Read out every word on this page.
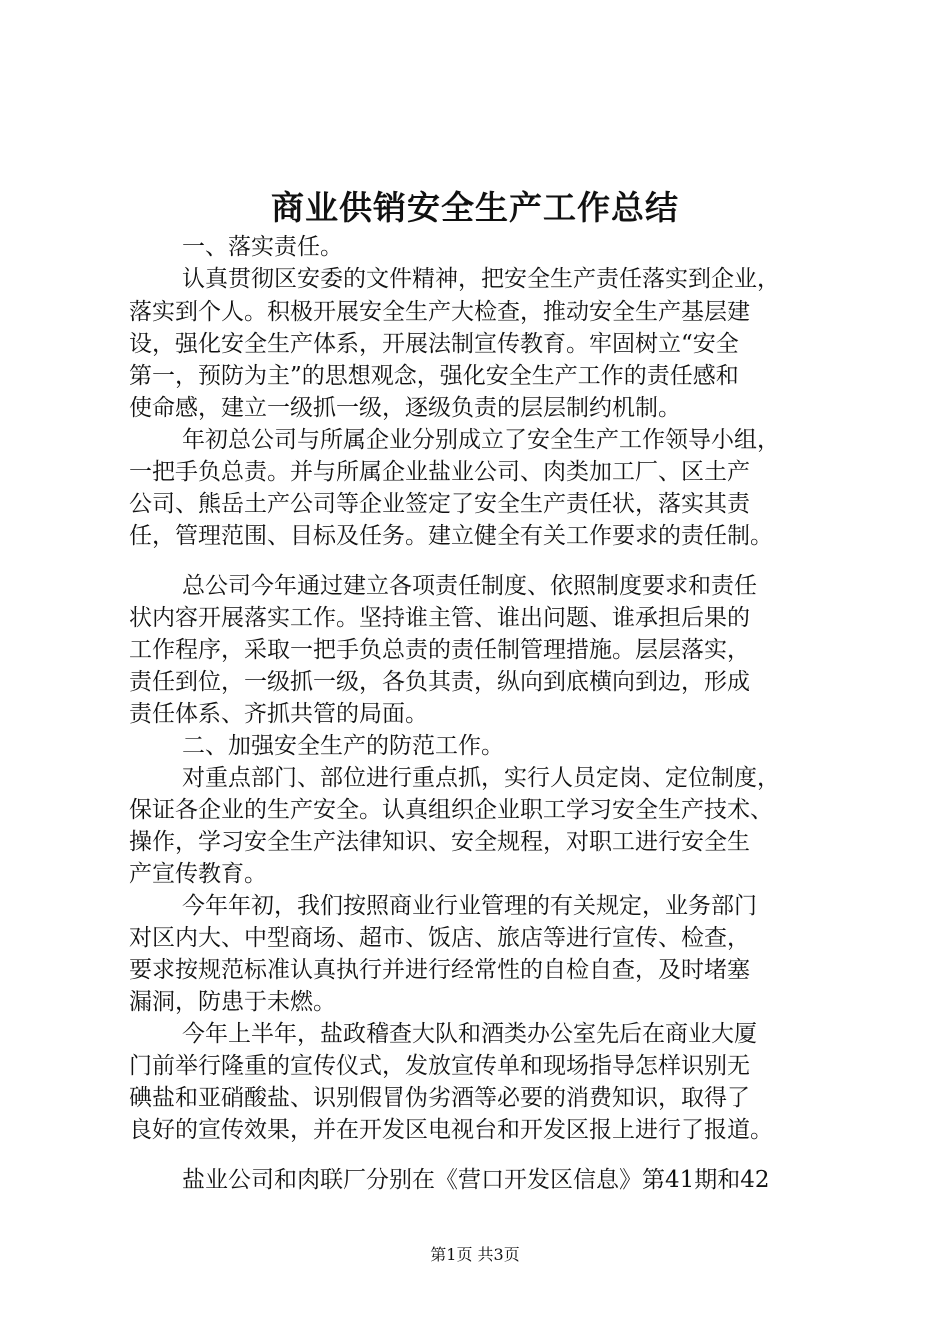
商业供销安全生产工作总结
一、落实责任。
认真贯彻区安委的文件精神，把安全生产责任落实到企业，
落实到个人。积极开展安全生产大检查，推动安全生产基层建
设，强化安全生产体系，开展法制宣传教育。牢固树立“安全
第一，预防为主”的思想观念，强化安全生产工作的责任感和
使命感，建立一级抓一级，逐级负责的层层制约机制。
年初总公司与所属企业分别成立了安全生产工作领导小组，
一把手负总责。并与所属企业盐业公司、肉类加工厂、区土产
公司、熊岳土产公司等企业签定了安全生产责任状，落实其责
任，管理范围、目标及任务。建立健全有关工作要求的责任制。
总公司今年通过建立各项责任制度、依照制度要求和责任
状内容开展落实工作。坚持谁主管、谁出问题、谁承担后果的
工作程序，采取一把手负总责的责任制管理措施。层层落实，
责任到位，一级抓一级，各负其责，纵向到底横向到边，形成
责任体系、齐抓共管的局面。
二、加强安全生产的防范工作。
对重点部门、部位进行重点抓，实行人员定岗、定位制度，
保证各企业的生产安全。认真组织企业职工学习安全生产技术、
操作，学习安全生产法律知识、安全规程，对职工进行安全生
产宣传教育。
今年年初，我们按照商业行业管理的有关规定，业务部门
对区内大、中型商场、超市、饭店、旅店等进行宣传、检查，
要求按规范标准认真执行并进行经常性的自检自查，及时堵塞
漏洞，防患于未燃。
今年上半年，盐政稽查大队和酒类办公室先后在商业大厦
门前举行隆重的宣传仪式，发放宣传单和现场指导怎样识别无
碘盐和亚硝酸盐、识别假冒伪劣酒等必要的消费知识，取得了
良好的宣传效果，并在开发区电视台和开发区报上进行了报道。
盐业公司和肉联厂分别在《营口开发区信息》第41期和42
第1页 共3页
